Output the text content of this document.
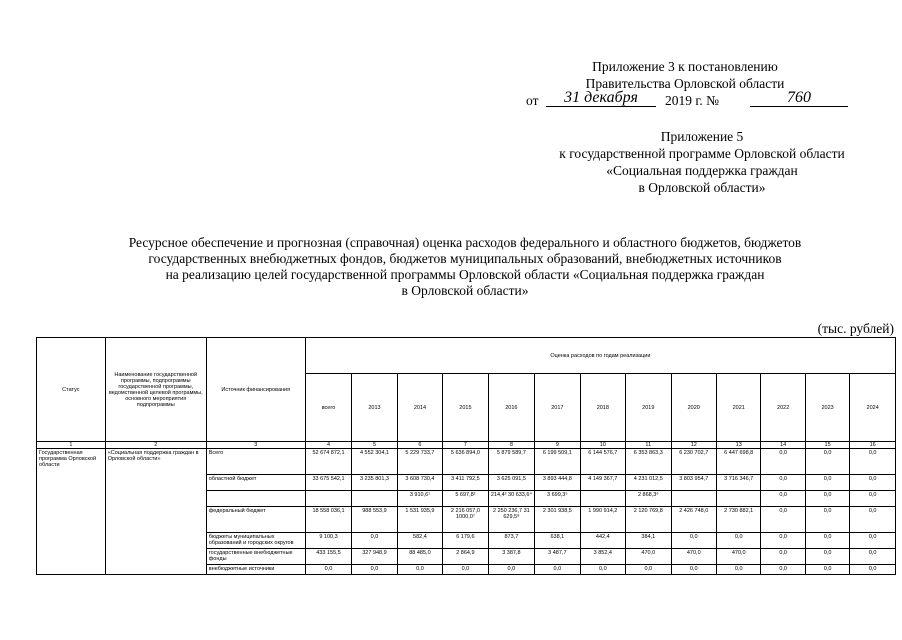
Приложение 3 к постановлению
Правительства Орловской области
от	31 декабря	2019 г. №	760
Приложение 5
к государственной программе Орловской области
«Социальная поддержка граждан
в Орловской области»
Ресурсное обеспечение и прогнозная (справочная) оценка расходов федерального и областного бюджетов, бюджетов
государственных внебюджетных фондов, бюджетов муниципальных образований, внебюджетных источников
на реализацию целей государственной программы Орловской области «Социальная поддержка граждан
в Орловской области»
(тыс. рублей)
Статус	Наименование государственной программы, подпрограммы государственной программы, ведомственной целевой программы, основного мероприятия подпрограммы	Источник финансирования	Оценка расходов по годам реализации												
			всего	2013	2014	2015	2016	2017	2018	2019	2020	2021	2022	2023	2024
1	2	3	4	5	6	7	8	9	10	11	12	13	14	15	16
Государственная программа Орловской области	«Социальная поддержка граждан в Орловской области»	Всего	52 674 872,1	4 552 304,1	5 229 733,7	5 636 894,0	5 879 589,7	6 199 509,1	6 144 576,7	6 353 863,3	6 230 702,7	6 447 698,8	0,0	0,0	0,0
		областной бюджет	33 675 542,1	3 235 801,3	3 608 730,4	3 411 792,5	3 625 091,5	3 893 444,8	4 149 367,7	4 231 012,5	3 803 954,7	3 716 346,7	0,0	0,0	0,0
					3 910,6¹	5 697,8²	214,4³ 30 633,6⁴	3 699,3⁵		2 868,3⁶			0,0	0,0	0,0
		федеральный бюджет	18 558 036,1	988 553,9	1 531 935,9	2 216 057,0 1000,0⁷	2 250 236,7 31 629,5⁸	2 301 938,5	1 990 914,2	2 120 769,8	2 426 748,0	2 730 882,1	0,0	0,0	0,0
		бюджеты муниципальных образований и городских округов	9 100,3	0,0	582,4	6 179,6	873,7	638,1	442,4	384,1	0,0	0,0	0,0	0,0	0,0
		государственные внебюджетные фонды	433 155,5	327 948,9	88 485,0	2 864,9	3 387,8	3 487,7	3 852,4	470,0	470,0	470,0	0,0	0,0	0,0
		внебюджетные источники	0,0	0,0	0,0	0,0	0,0	0,0	0,0	0,0	0,0	0,0	0,0	0,0	0,0
